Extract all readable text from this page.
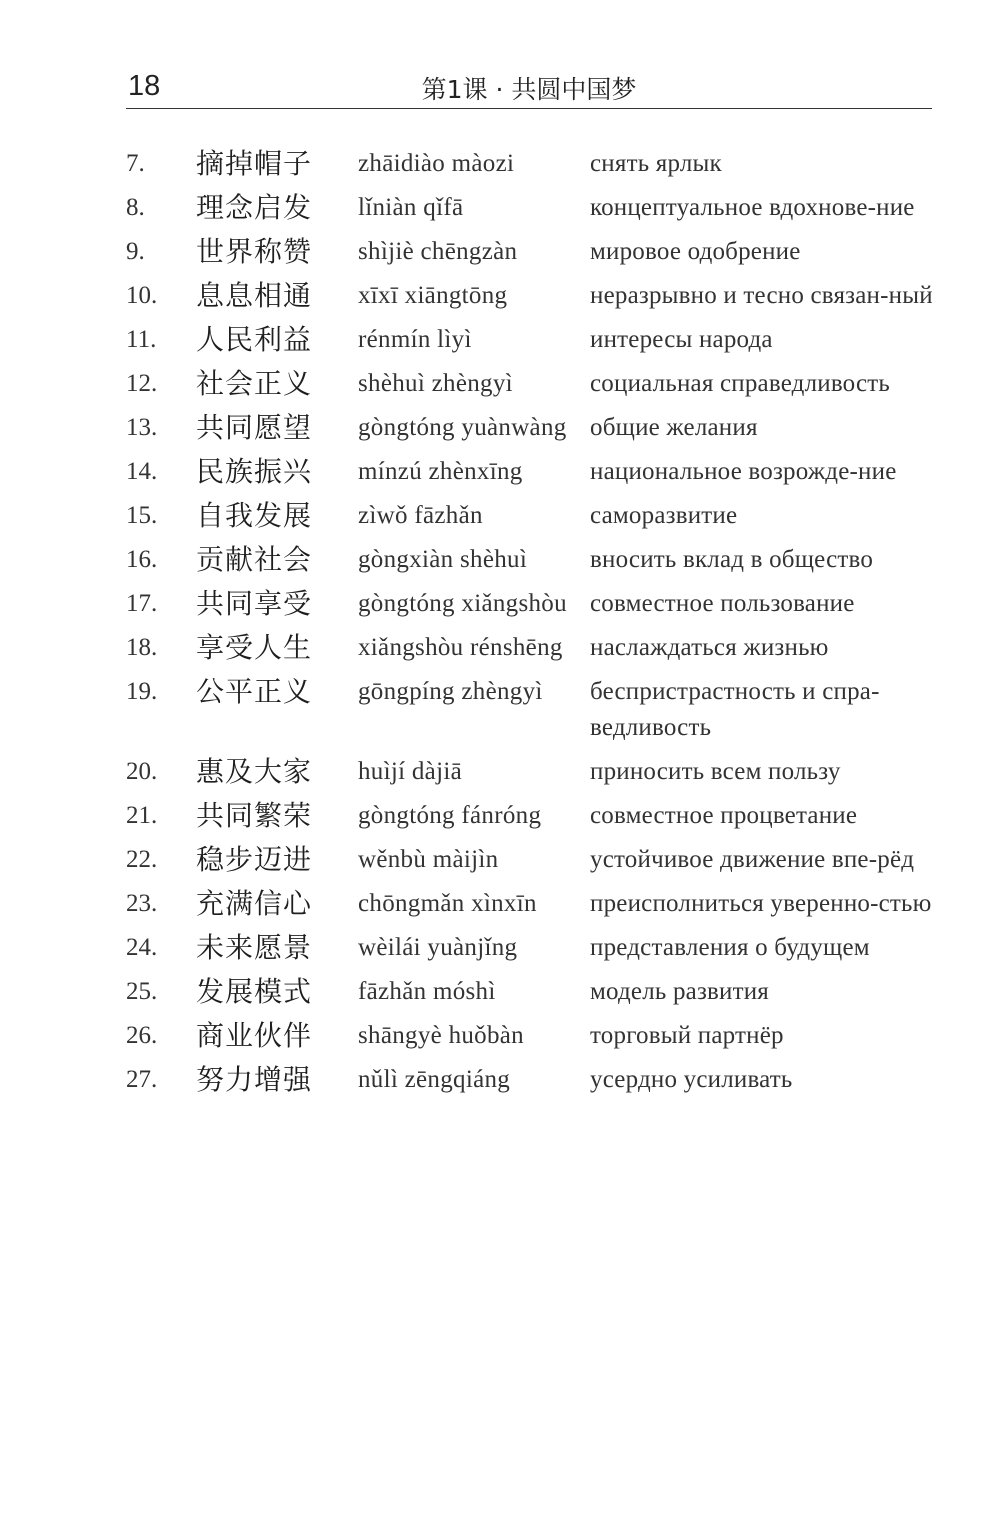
18	第1课 · 共圆中国梦
7.	摘掉帽子	zhāidiào màozi	снять ярлык
8.	理念启发	lǐniàn qǐfā	концептуальное вдохнове-ние
9.	世界称赞	shìjiè chēngzàn	мировое одобрение
10.	息息相通	xīxī xiāngtōng	неразрывно и тесно связан-ный
11.	人民利益	rénmín lìyì	интересы народа
12.	社会正义	shèhuì zhèngyì	социальная справедливость
13.	共同愿望	gòngtóng yuànwàng общие желания
14.	民族振兴	mínzú zhènxīng	национальное возрожде-ние
15.	自我发展	zìwǒ fāzhǎn	саморазвитие
16.	贡献社会	gòngxiàn shèhuì	вносить вклад в общество
17.	共同享受	gòngtóng xiǎngshòu совместное пользование
18.	享受人生	xiǎngshòu rénshēng	наслаждаться жизнью
19.	公平正义	gōngpíng zhèngyì	беспристрастность и спра-ведливость
20.	惠及大家	huìjí dàjiā	приносить всем пользу
21.	共同繁荣	gòngtóng fánróng	совместное процветание
22.	稳步迈进	wěnbù màijìn	устойчивое движение впе-рёд
23.	充满信心	chōngmǎn xìnxīn	преисполниться уверенно-стью
24.	未来愿景	wèilái yuànjǐng	представления о будущем
25.	发展模式	fāzhǎn móshì	модель развития
26.	商业伙伴	shāngyè huǒbàn	торговый партнёр
27.	努力增强	nǔlì zēngqiáng	усердно усиливать
